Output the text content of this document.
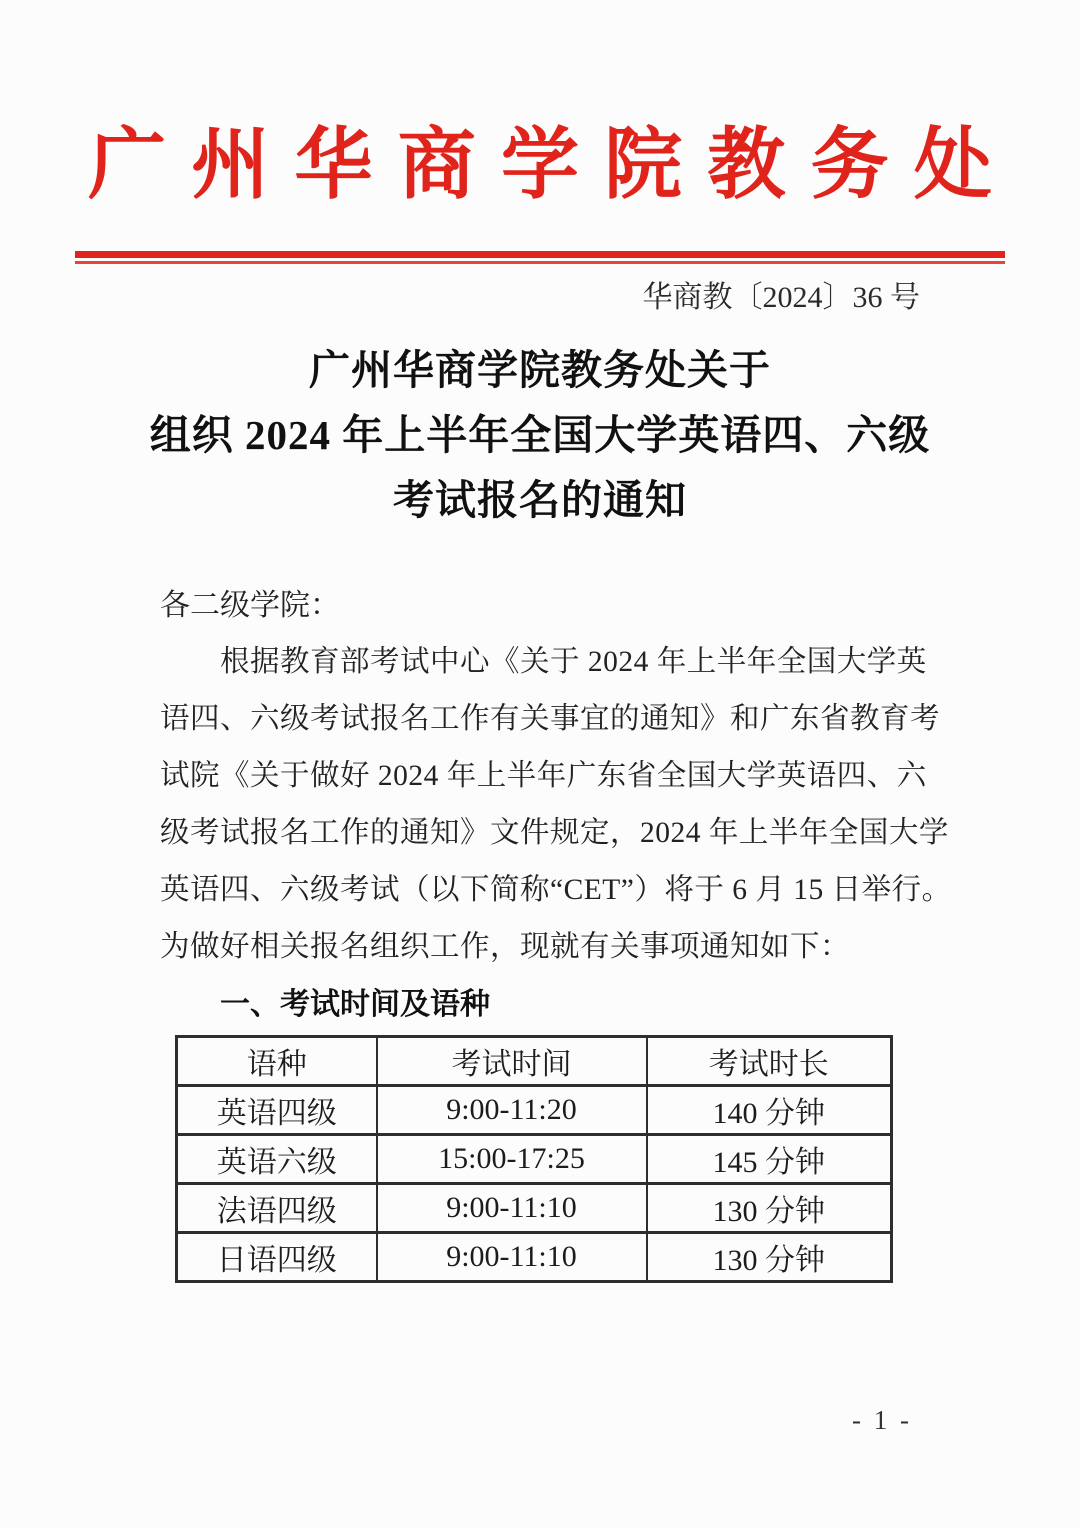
广 州 华 商 学 院 教 务 处
华商教〔2024〕36 号
广州华商学院教务处关于
组织 2024 年上半年全国大学英语四、六级
考试报名的通知
各二级学院：
根据教育部考试中心《关于 2024 年上半年全国大学英
语四、六级考试报名工作有关事宜的通知》和广东省教育考
试院《关于做好 2024 年上半年广东省全国大学英语四、六
级考试报名工作的通知》文件规定，2024 年上半年全国大学
英语四、六级考试（以下简称“CET”）将于 6 月 15 日举行。
为做好相关报名组织工作，现就有关事项通知如下：
一、考试时间及语种
语种	考试时间	考试时长
英语四级	9:00-11:20	140 分钟
英语六级	15:00-17:25	145 分钟
法语四级	9:00-11:10	130 分钟
日语四级	9:00-11:10	130 分钟
- 1 -
